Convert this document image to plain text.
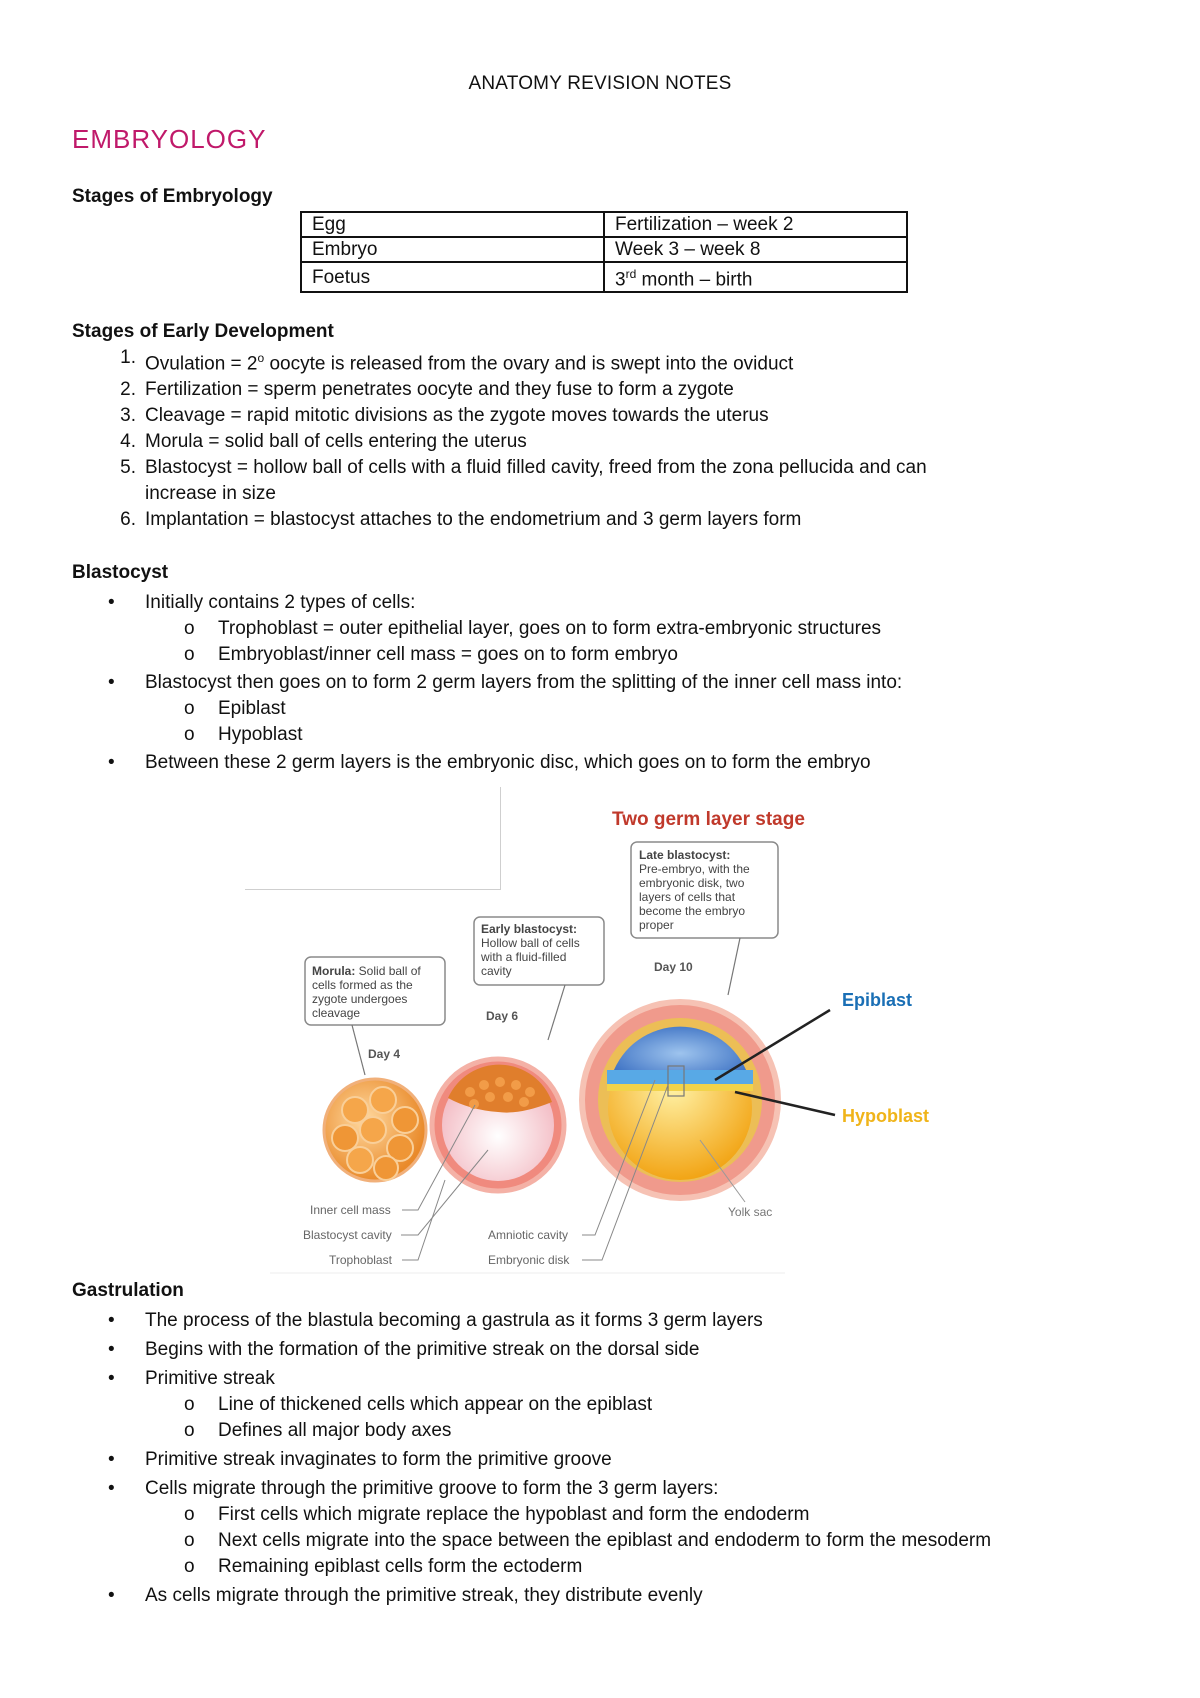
ANATOMY REVISION NOTES
EMBRYOLOGY
Stages of Embryology
Egg	Fertilization – week 2
Embryo	Week 3 – week 8
Foetus	3rd month – birth
Stages of Early Development
1. Ovulation = $2^o$ oocyte is released from the ovary and is swept into the oviduct
2. Fertilization = sperm penetrates oocyte and they fuse to form a zygote
3. Cleavage = rapid mitotic divisions as the zygote moves towards the uterus
4. Morula = solid ball of cells entering the uterus
5. Blastocyst = hollow ball of cells with a fluid filled cavity, freed from the zona pellucida and can
increase in size
6. Implantation = blastocyst attaches to the endometrium and 3 germ layers form
Blastocyst
• Initially contains 2 types of cells:
o Trophoblast = outer epithelial layer, goes on to form extra-embryonic structures
o Embryoblast/inner cell mass = goes on to form embryo
• Blastocyst then goes on to form 2 germ layers from the splitting of the inner cell mass into:
o Epiblast
o Hypoblast
• Between these 2 germ layers is the embryonic disc, which goes on to form the embryo
Two germ layer stage
Late blastocyst: Pre-embryo, with the embryonic disk, two layers of cells that become the embryo proper
Early blastocyst: Hollow ball of cells with a fluid-filled cavity
Morula: Solid ball of cells formed as the zygote undergoes cleavage
Day 4
Day 6
Day 10
Epiblast
Hypoblast
Inner cell mass
Blastocyst cavity
Trophoblast
Amniotic cavity
Embryonic disk
Yolk sac
Gastrulation
• The process of the blastula becoming a gastrula as it forms 3 germ layers
• Begins with the formation of the primitive streak on the dorsal side
• Primitive streak
o Line of thickened cells which appear on the epiblast
o Defines all major body axes
• Primitive streak invaginates to form the primitive groove
• Cells migrate through the primitive groove to form the 3 germ layers:
o First cells which migrate replace the hypoblast and form the endoderm
o Next cells migrate into the space between the epiblast and endoderm to form the mesoderm
o Remaining epiblast cells form the ectoderm
• As cells migrate through the primitive streak, they distribute evenly
